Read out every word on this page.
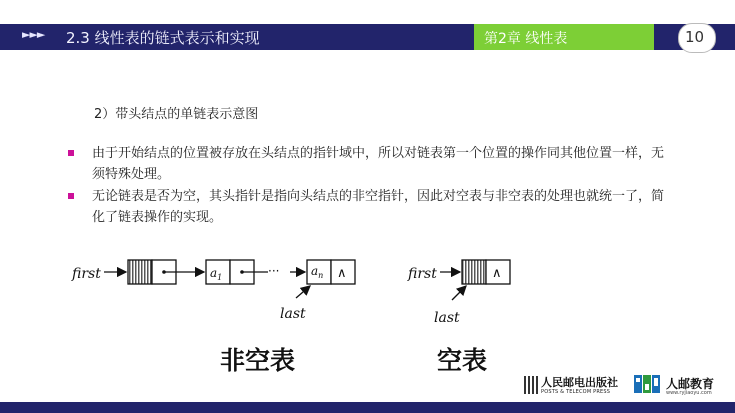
►►► 2.3 线性表的链式表示和实现	第2章 线性表	10
2）带头结点的单链表示意图
由于开始结点的位置被存放在头结点的指针域中，所以对链表第一个位置的操作同其他位置一样，无须特殊处理。
无论链表是否为空，其头指针是指向头结点的非空指针，因此对空表与非空表的处理也就统一了，简化了链表操作的实现。
first	$a_1$	···	$a_n$ ∧
last
first	∧
last
非空表	空表
人民邮电出版社
POSTS & TELECOM PRESS
人邮教育
www.ryjiaoyu.com
